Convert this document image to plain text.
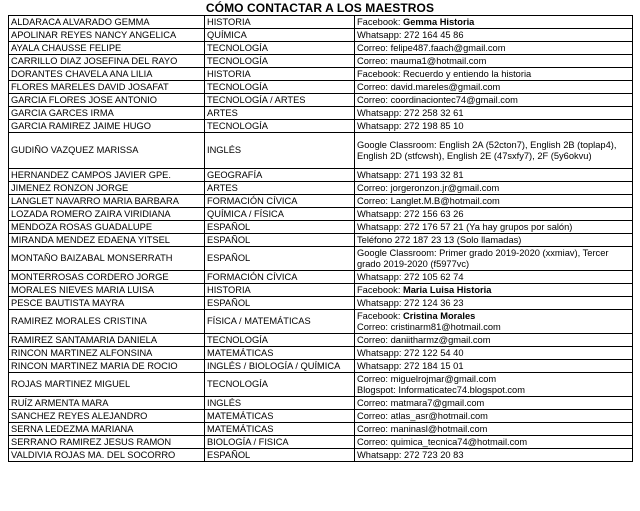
CÓMO CONTACTAR A LOS MAESTROS
ALDARACA ALVARADO GEMMA	HISTORIA	Facebook: Gemma Historia

APOLINAR REYES NANCY ANGELICA	QUÍMICA	Whatsapp: 272 164 45 86

AYALA CHAUSSE FELIPE	TECNOLOGÍA	Correo: felipe487.faach@gmail.com

CARRILLO DIAZ JOSEFINA DEL RAYO	TECNOLOGÍA	Correo: mauma1@hotmail.com

DORANTES CHAVELA ANA LILIA	HISTORIA	Facebook: Recuerdo y entiendo la historia

FLORES MARELES DAVID JOSAFAT	TECNOLOGÍA	Correo: david.mareles@gmail.com

GARCIA FLORES JOSE ANTONIO	TECNOLOGÍA / ARTES	Correo: coordinaciontec74@gmail.com

GARCIA GARCES IRMA	ARTES	Whatsapp: 272 258 32 61

GARCIA RAMIREZ JAIME HUGO	TECNOLOGÍA	Whatsapp: 272 198 85 10

GUDIÑO VAZQUEZ MARISSA	INGLÉS	Google Classroom: English 2A (52cton7), English 2B (toplap4), English 2D (stfcwsh), English 2E (47sxfy7), 2F (5y6okvu)

HERNANDEZ CAMPOS JAVIER GPE.	GEOGRAFÍA	Whatsapp: 271 193 32 81

JIMENEZ RONZON JORGE	ARTES	Correo: jorgeronzon.jr@gmail.com

LANGLET NAVARRO MARIA BARBARA	FORMACIÓN CÍVICA	Correo: Langlet.M.B@hotmail.com

LOZADA ROMERO ZAIRA VIRIDIANA	QUÍMICA / FÍSICA	Whatsapp: 272 156 63 26

MENDOZA ROSAS GUADALUPE	ESPAÑOL	Whatsapp: 272 176 57 21 (Ya hay grupos por salón)

MIRANDA MENDEZ EDAENA YITSEL	ESPAÑOL	Teléfono 272 187 23 13 (Solo llamadas)

MONTAÑO BAIZABAL MONSERRATH	ESPAÑOL	Google Classroom: Primer grado 2019-2020 (xxmiav), Tercer grado 2019-2020 (f5977vc)

MONTERROSAS CORDERO JORGE	FORMACIÓN CÍVICA	Whatsapp: 272 105 62 74

MORALES NIEVES MARIA LUISA	HISTORIA	Facebook: Maria Luisa Historia

PESCE BAUTISTA MAYRA	ESPAÑOL	Whatsapp: 272 124 36 23

RAMIREZ MORALES CRISTINA	FÍSICA / MATEMÁTICAS	Facebook: Cristina Morales
Correo: cristinarm81@hotmail.com

RAMIREZ SANTAMARIA DANIELA	TECNOLOGÍA	Correo: daniitharmz@gmail.com

RINCON MARTINEZ ALFONSINA	MATEMÁTICAS	Whatsapp: 272 122 54 40

RINCON MARTINEZ MARIA DE ROCIO	INGLÉS / BIOLOGÍA / QUÍMICA	Whatsapp: 272 184 15 01

ROJAS MARTINEZ MIGUEL	TECNOLOGÍA	Correo: miguelrojmar@gmail.com
Blogspot: Informaticatec74.blogspot.com

RUÍZ ARMENTA MARA	INGLÉS	Correo: matmara7@gmail.com

SANCHEZ REYES ALEJANDRO	MATEMÁTICAS	Correo: atlas_asr@hotmail.com

SERNA LEDEZMA MARIANA	MATEMÁTICAS	Correo: maninasl@hotmail.com

SERRANO RAMIREZ JESUS RAMON	BIOLOGÍA / FISICA	Correo: quimica_tecnica74@hotmail.com

VALDIVIA ROJAS MA. DEL SOCORRO	ESPAÑOL	Whatsapp: 272 723 20 83
